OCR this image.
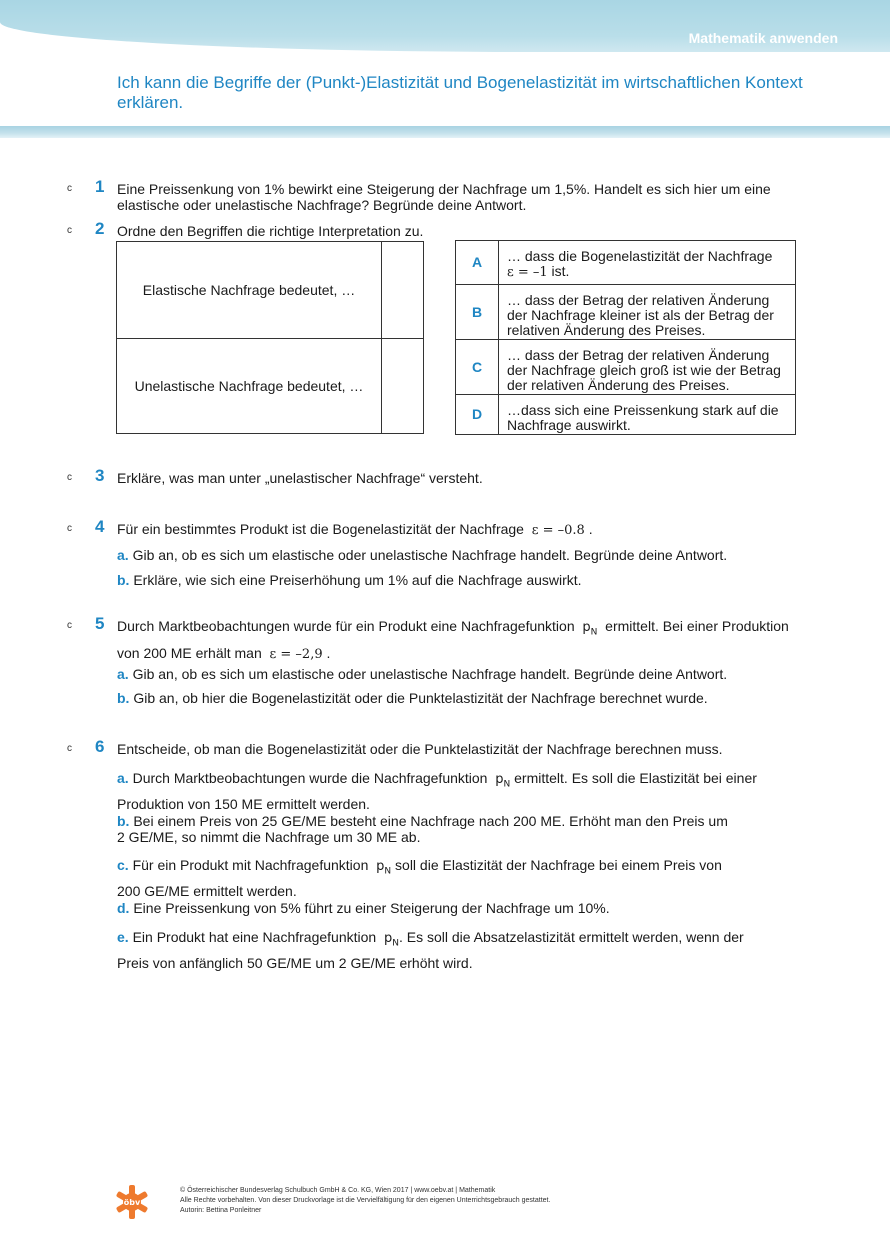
Mathematik anwenden
Ich kann die Begriffe der (Punkt-)Elastizität und Bogenelastizität im wirtschaftlichen Kontext erklären.
c 1 Eine Preissenkung von 1% bewirkt eine Steigerung der Nachfrage um 1,5%. Handelt es sich hier um eine elastische oder unelastische Nachfrage? Begründe deine Antwort.
c 2 Ordne den Begriffen die richtige Interpretation zu.
Elastische Nachfrage bedeutet, …	
Unelastische Nachfrage bedeutet, …	
A	… dass die Bogenelastizität der Nachfrage
ε = –1 ist.
B	… dass der Betrag der relativen Änderung der Nachfrage kleiner ist als der Betrag der relativen Änderung des Preises.
C	… dass der Betrag der relativen Änderung der Nachfrage gleich groß ist wie der Betrag der relativen Änderung des Preises.
D	…dass sich eine Preissenkung stark auf die Nachfrage auswirkt.
c 3 Erkläre, was man unter „unelastischer Nachfrage“ versteht.
c 4 Für ein bestimmtes Produkt ist die Bogenelastizität der Nachfrage ε = –0.8 .
a. Gib an, ob es sich um elastische oder unelastische Nachfrage handelt. Begründe deine Antwort.
b. Erkläre, wie sich eine Preiserhöhung um 1% auf die Nachfrage auswirkt.
c 5 Durch Marktbeobachtungen wurde für ein Produkt eine Nachfragefunktion $p_N$ ermittelt. Bei einer Produktion von 200 ME erhält man ε = –2,9 .
a. Gib an, ob es sich um elastische oder unelastische Nachfrage handelt. Begründe deine Antwort.
b. Gib an, ob hier die Bogenelastizität oder die Punktelastizität der Nachfrage berechnet wurde.
c 6 Entscheide, ob man die Bogenelastizität oder die Punktelastizität der Nachfrage berechnen muss.
a. Durch Marktbeobachtungen wurde die Nachfragefunktion $p_N$ ermittelt. Es soll die Elastizität bei einer Produktion von 150 ME ermittelt werden.
b. Bei einem Preis von 25 GE/ME besteht eine Nachfrage nach 200 ME. Erhöht man den Preis um 2 GE/ME, so nimmt die Nachfrage um 30 ME ab.
c. Für ein Produkt mit Nachfragefunktion $p_N$ soll die Elastizität der Nachfrage bei einem Preis von 200 GE/ME ermittelt werden.
d. Eine Preissenkung von 5% führt zu einer Steigerung der Nachfrage um 10%.
e. Ein Produkt hat eine Nachfragefunktion $p_N$. Es soll die Absatzelastizität ermittelt werden, wenn der Preis von anfänglich 50 GE/ME um 2 GE/ME erhöht wird.
öbv
© Österreichischer Bundesverlag Schulbuch GmbH & Co. KG, Wien 2017 | www.oebv.at | Mathematik
Alle Rechte vorbehalten. Von dieser Druckvorlage ist die Vervielfältigung für den eigenen Unterrichtsgebrauch gestattet.
Autorin: Bettina Ponleitner
